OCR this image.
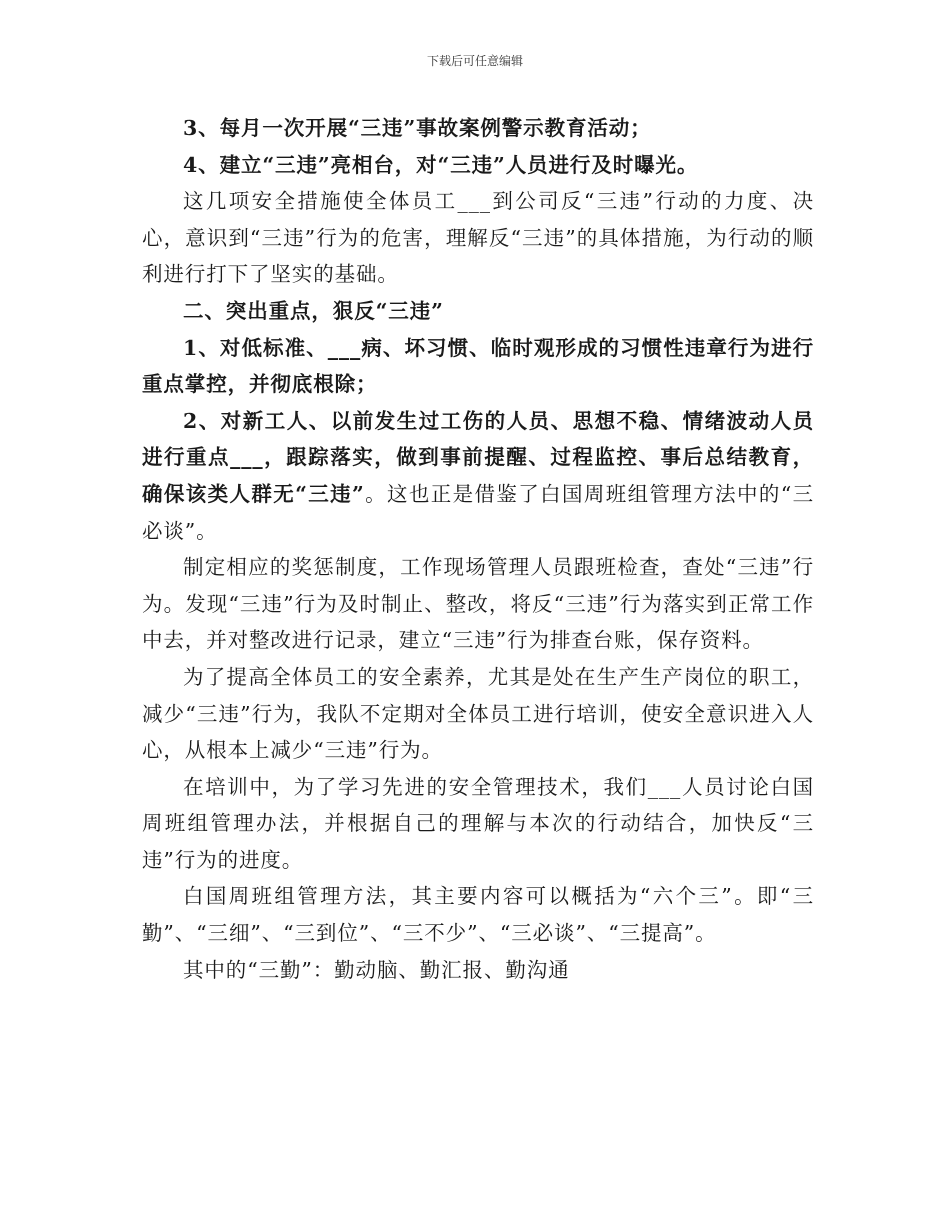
下载后可任意编辑

3、每月一次开展“三违”事故案例警示教育活动；

4、建立“三违”亮相台，对“三违”人员进行及时曝光。

这几项安全措施使全体员工___到公司反“三违”行动的力度、决心，意识到“三违”行为的危害，理解反“三违”的具体措施，为行动的顺利进行打下了坚实的基础。

二、突出重点，狠反“三违”

1、对低标准、___病、坏习惯、临时观形成的习惯性违章行为进行重点掌控，并彻底根除；

2、对新工人、以前发生过工伤的人员、思想不稳、情绪波动人员进行重点___，跟踪落实，做到事前提醒、过程监控、事后总结教育，确保该类人群无“三违”。这也正是借鉴了白国周班组管理方法中的“三必谈”。

制定相应的奖惩制度，工作现场管理人员跟班检查，查处“三违”行为。发现“三违”行为及时制止、整改，将反“三违”行为落实到正常工作中去，并对整改进行记录，建立“三违”行为排查台账，保存资料。

为了提高全体员工的安全素养，尤其是处在生产生产岗位的职工，减少“三违”行为，我队不定期对全体员工进行培训，使安全意识进入人心，从根本上减少“三违”行为。

在培训中，为了学习先进的安全管理技术，我们___人员讨论白国周班组管理办法，并根据自己的理解与本次的行动结合，加快反“三违”行为的进度。

白国周班组管理方法，其主要内容可以概括为“六个三”。即“三勤”、“三细”、“三到位”、“三不少”、“三必谈”、“三提高”。

其中的“三勤”：勤动脑、勤汇报、勤沟通
